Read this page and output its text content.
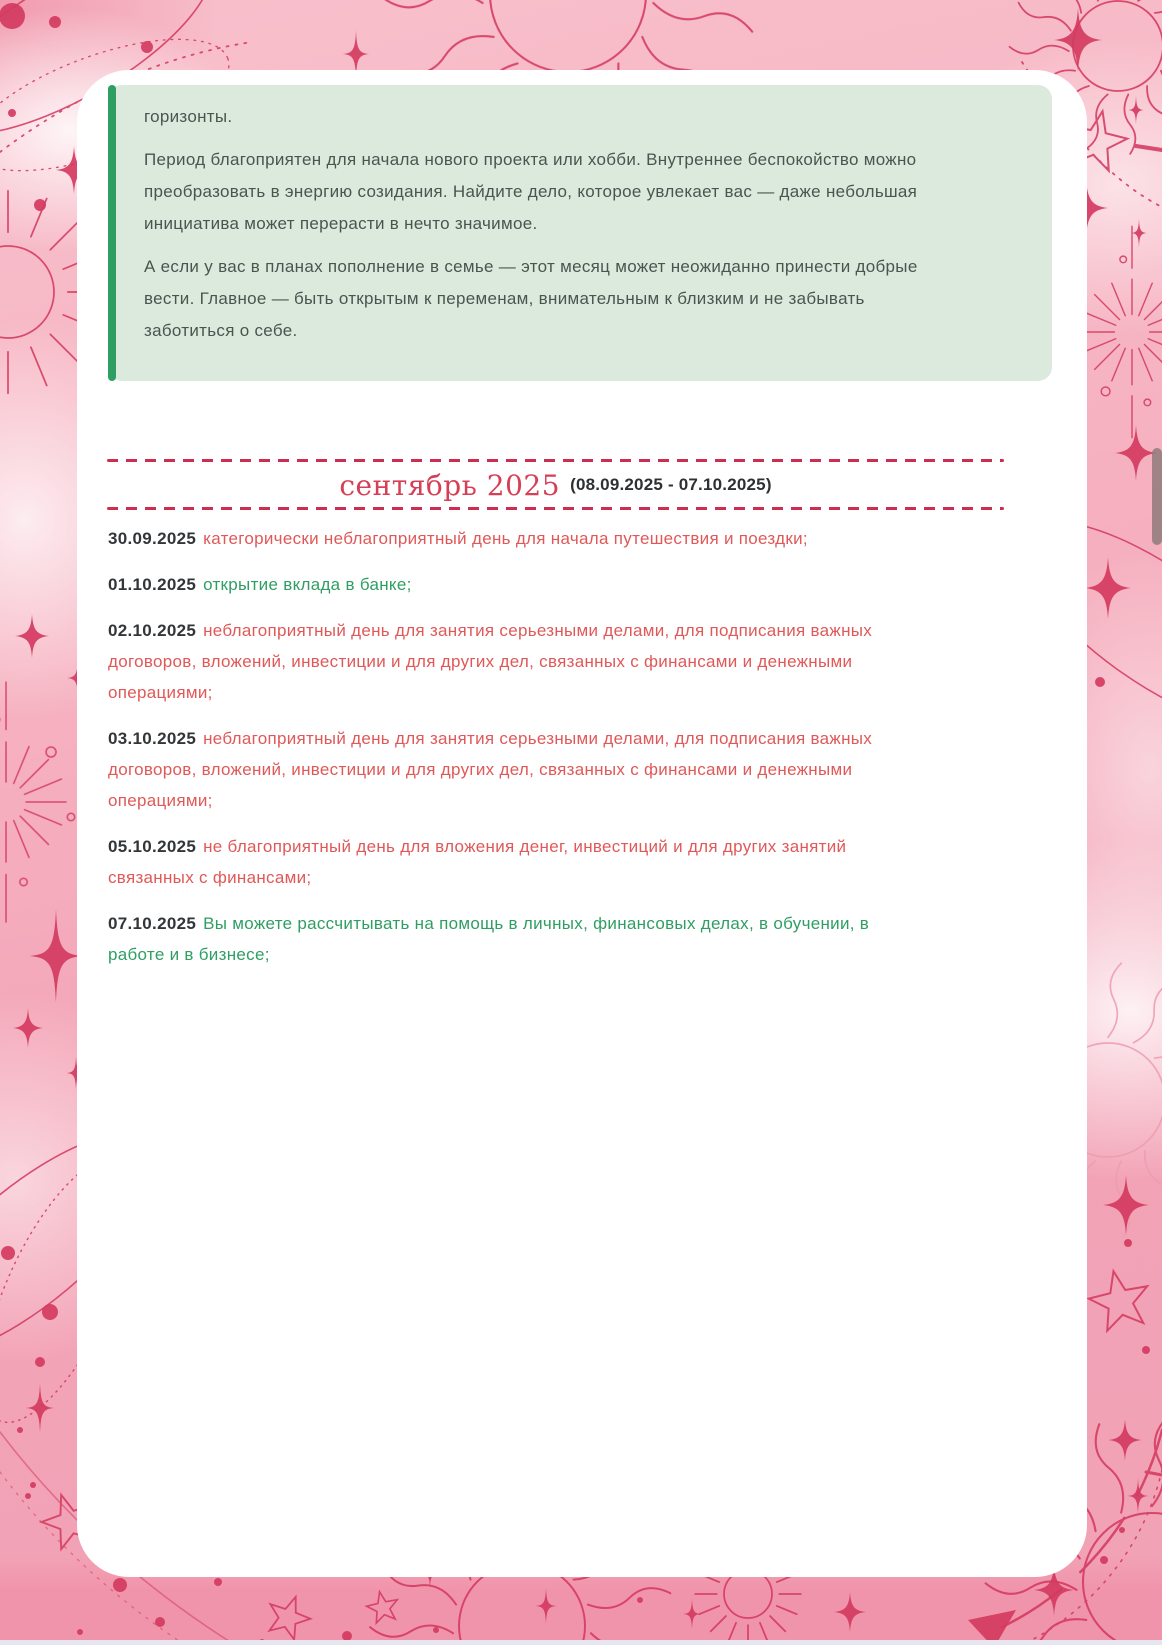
горизонты.

Период благоприятен для начала нового проекта или хобби. Внутреннее беспокойство можно преобразовать в энергию созидания. Найдите дело, которое увлекает вас — даже небольшая инициатива может перерасти в нечто значимое.

А если у вас в планах пополнение в семье — этот месяц может неожиданно принести добрые вести. Главное — быть открытым к переменам, внимательным к близким и не забывать заботиться о себе.

сентябрь 2025 (08.09.2025 - 07.10.2025)

30.09.2025 категорически неблагоприятный день для начала путешествия и поездки;

01.10.2025 открытие вклада в банке;

02.10.2025 неблагоприятный день для занятия серьезными делами, для подписания важных договоров, вложений, инвестиции и для других дел, связанных с финансами и денежными операциями;

03.10.2025 неблагоприятный день для занятия серьезными делами, для подписания важных договоров, вложений, инвестиции и для других дел, связанных с финансами и денежными операциями;

05.10.2025 не благоприятный день для вложения денег, инвестиций и для других занятий связанных с финансами;

07.10.2025 Вы можете рассчитывать на помощь в личных, финансовых делах, в обучении, в работе и в бизнесе;
